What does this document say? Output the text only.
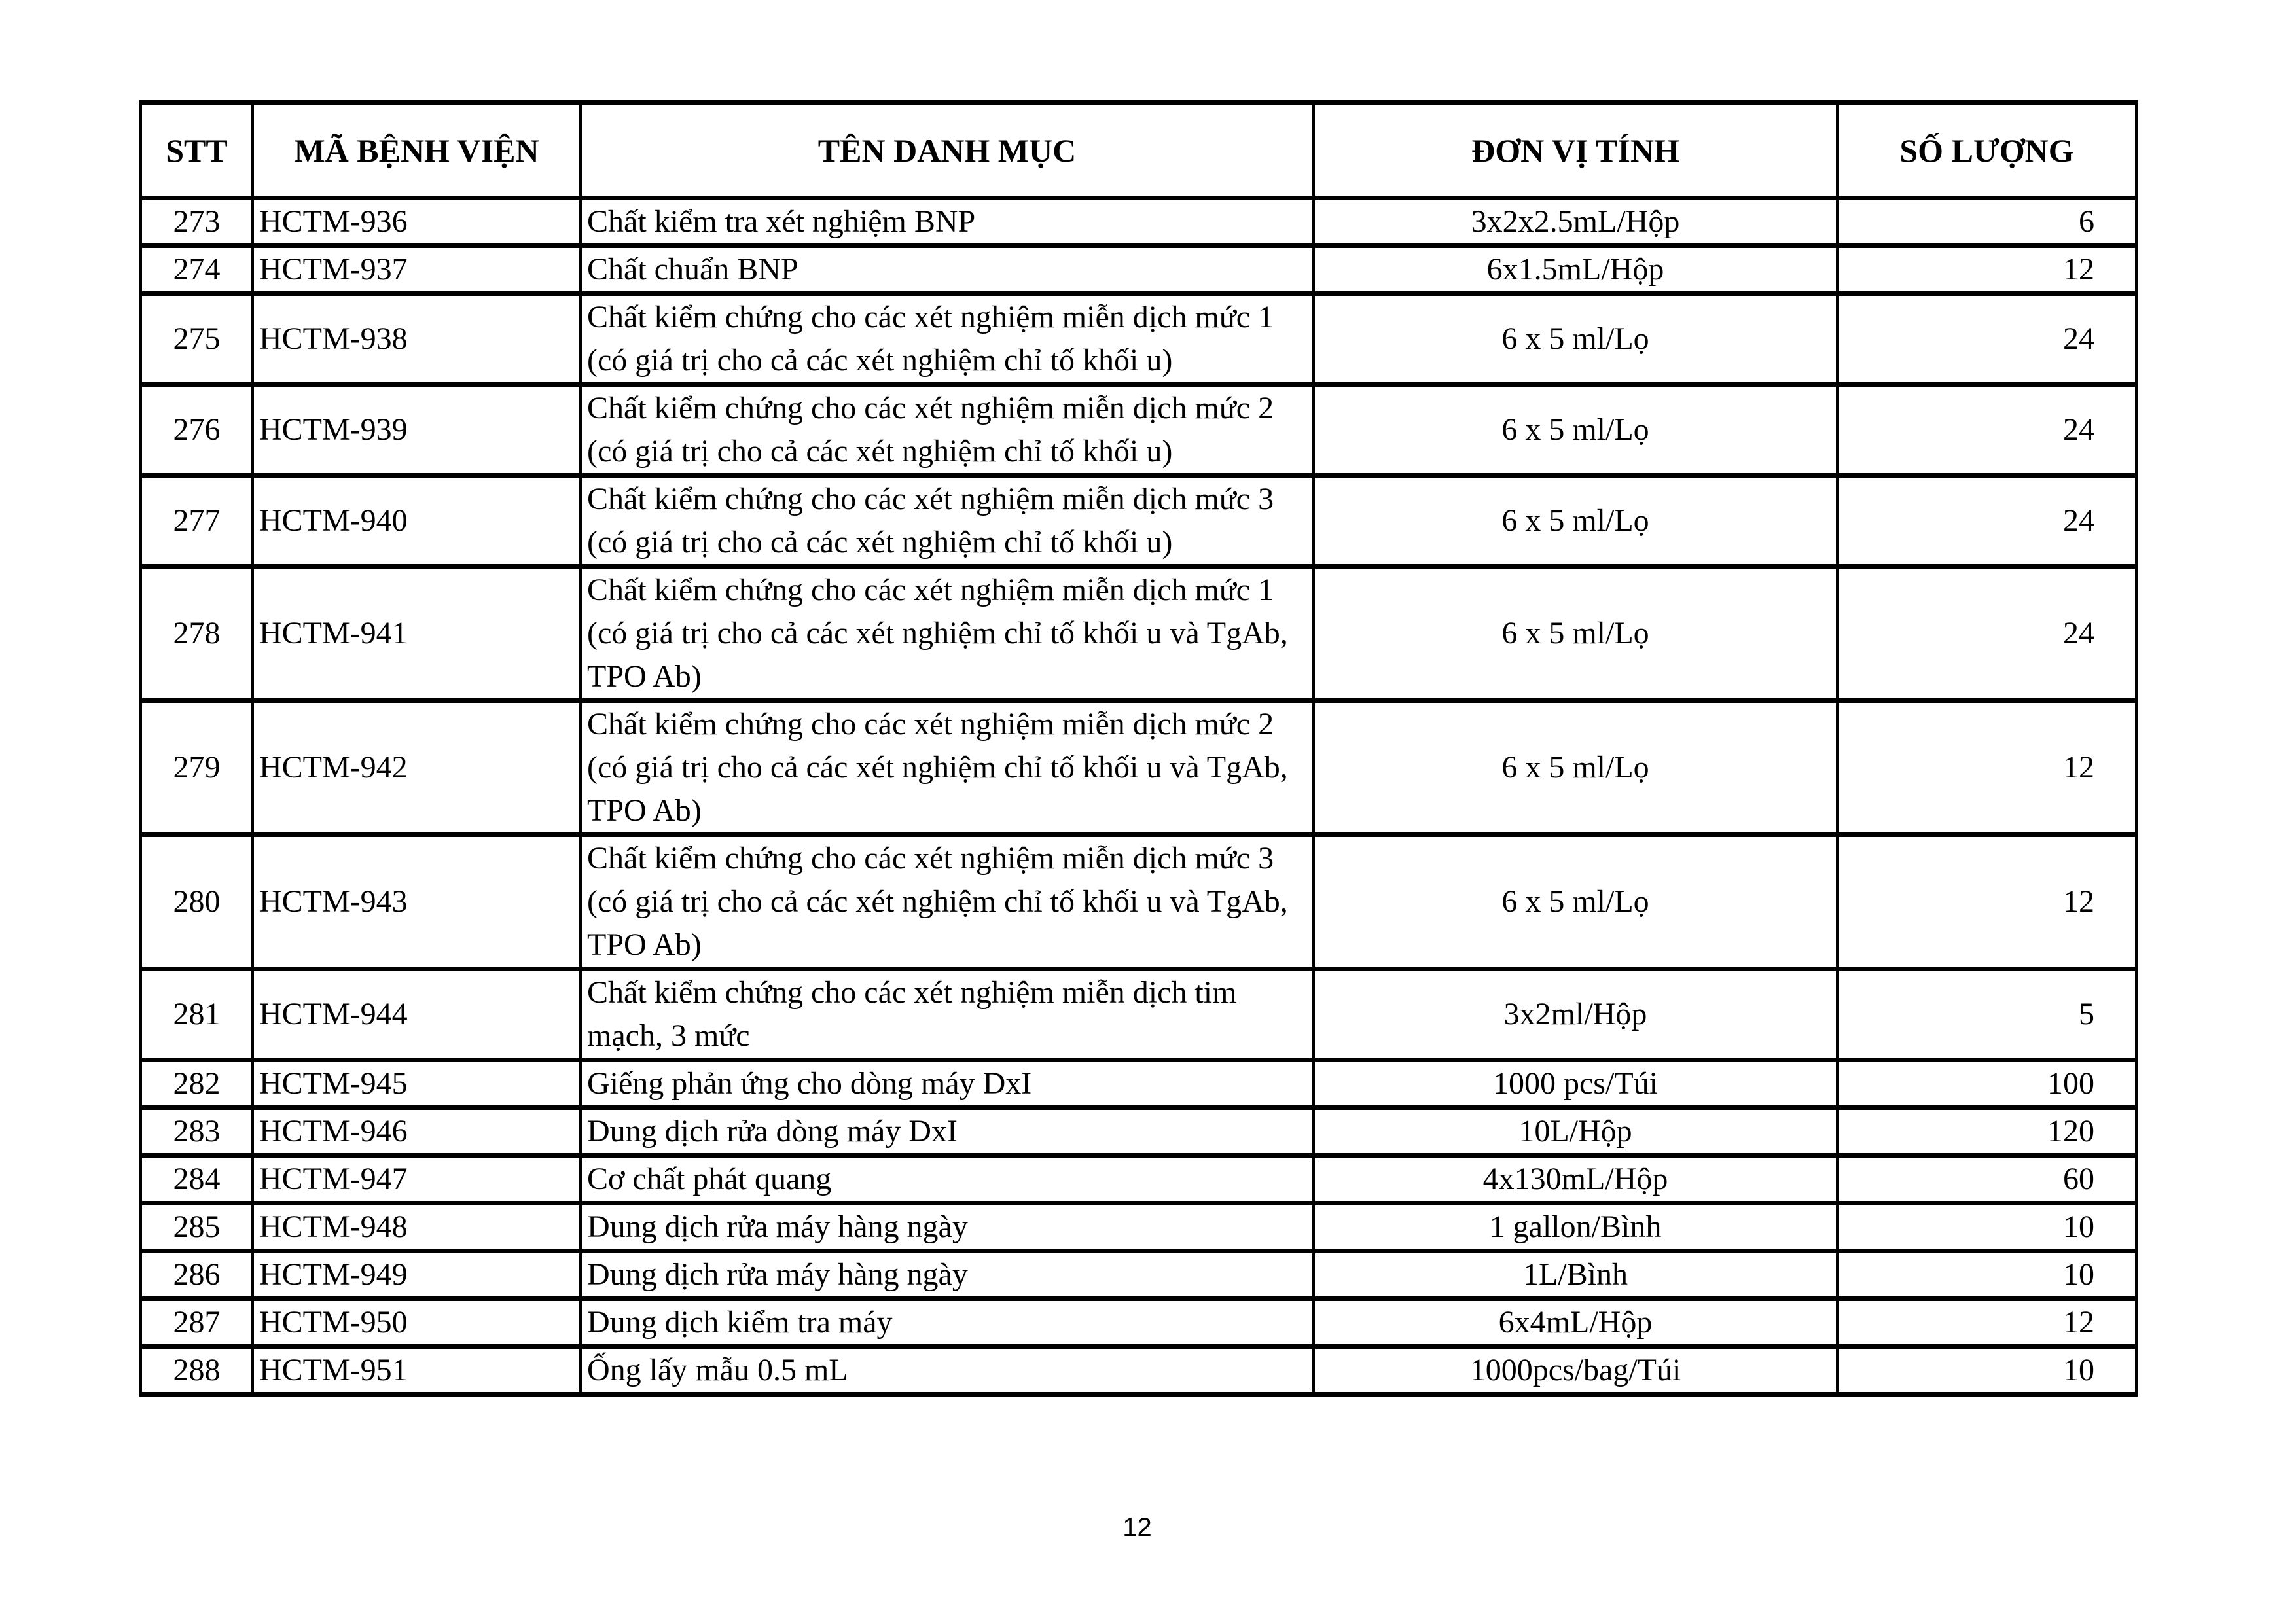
STT	MÃ BỆNH VIỆN	TÊN DANH MỤC	ĐƠN VỊ TÍNH	SỐ LƯỢNG
273	HCTM-936	Chất kiểm tra xét nghiệm BNP	3x2x2.5mL/Hộp	6
274	HCTM-937	Chất chuẩn BNP	6x1.5mL/Hộp	12
275	HCTM-938	Chất kiểm chứng cho các xét nghiệm miễn dịch mức 1 (có giá trị cho cả các xét nghiệm chỉ tố khối u)	6 x 5 ml/Lọ	24
276	HCTM-939	Chất kiểm chứng cho các xét nghiệm miễn dịch mức 2 (có giá trị cho cả các xét nghiệm chỉ tố khối u)	6 x 5 ml/Lọ	24
277	HCTM-940	Chất kiểm chứng cho các xét nghiệm miễn dịch mức 3 (có giá trị cho cả các xét nghiệm chỉ tố khối u)	6 x 5 ml/Lọ	24
278	HCTM-941	Chất kiểm chứng cho các xét nghiệm miễn dịch mức 1 (có giá trị cho cả các xét nghiệm chỉ tố khối u và TgAb, TPO Ab)	6 x 5 ml/Lọ	24
279	HCTM-942	Chất kiểm chứng cho các xét nghiệm miễn dịch mức 2 (có giá trị cho cả các xét nghiệm chỉ tố khối u và TgAb, TPO Ab)	6 x 5 ml/Lọ	12
280	HCTM-943	Chất kiểm chứng cho các xét nghiệm miễn dịch mức 3 (có giá trị cho cả các xét nghiệm chỉ tố khối u và TgAb, TPO Ab)	6 x 5 ml/Lọ	12
281	HCTM-944	Chất kiểm chứng cho các xét nghiệm miễn dịch tim mạch, 3 mức	3x2ml/Hộp	5
282	HCTM-945	Giếng phản ứng cho dòng máy DxI	1000 pcs/Túi	100
283	HCTM-946	Dung dịch rửa dòng máy DxI	10L/Hộp	120
284	HCTM-947	Cơ chất phát quang	4x130mL/Hộp	60
285	HCTM-948	Dung dịch rửa máy hàng ngày	1 gallon/Bình	10
286	HCTM-949	Dung dịch rửa máy hàng ngày	1L/Bình	10
287	HCTM-950	Dung dịch kiểm tra máy	6x4mL/Hộp	12
288	HCTM-951	Ống lấy mẫu 0.5 mL	1000pcs/bag/Túi	10
12
